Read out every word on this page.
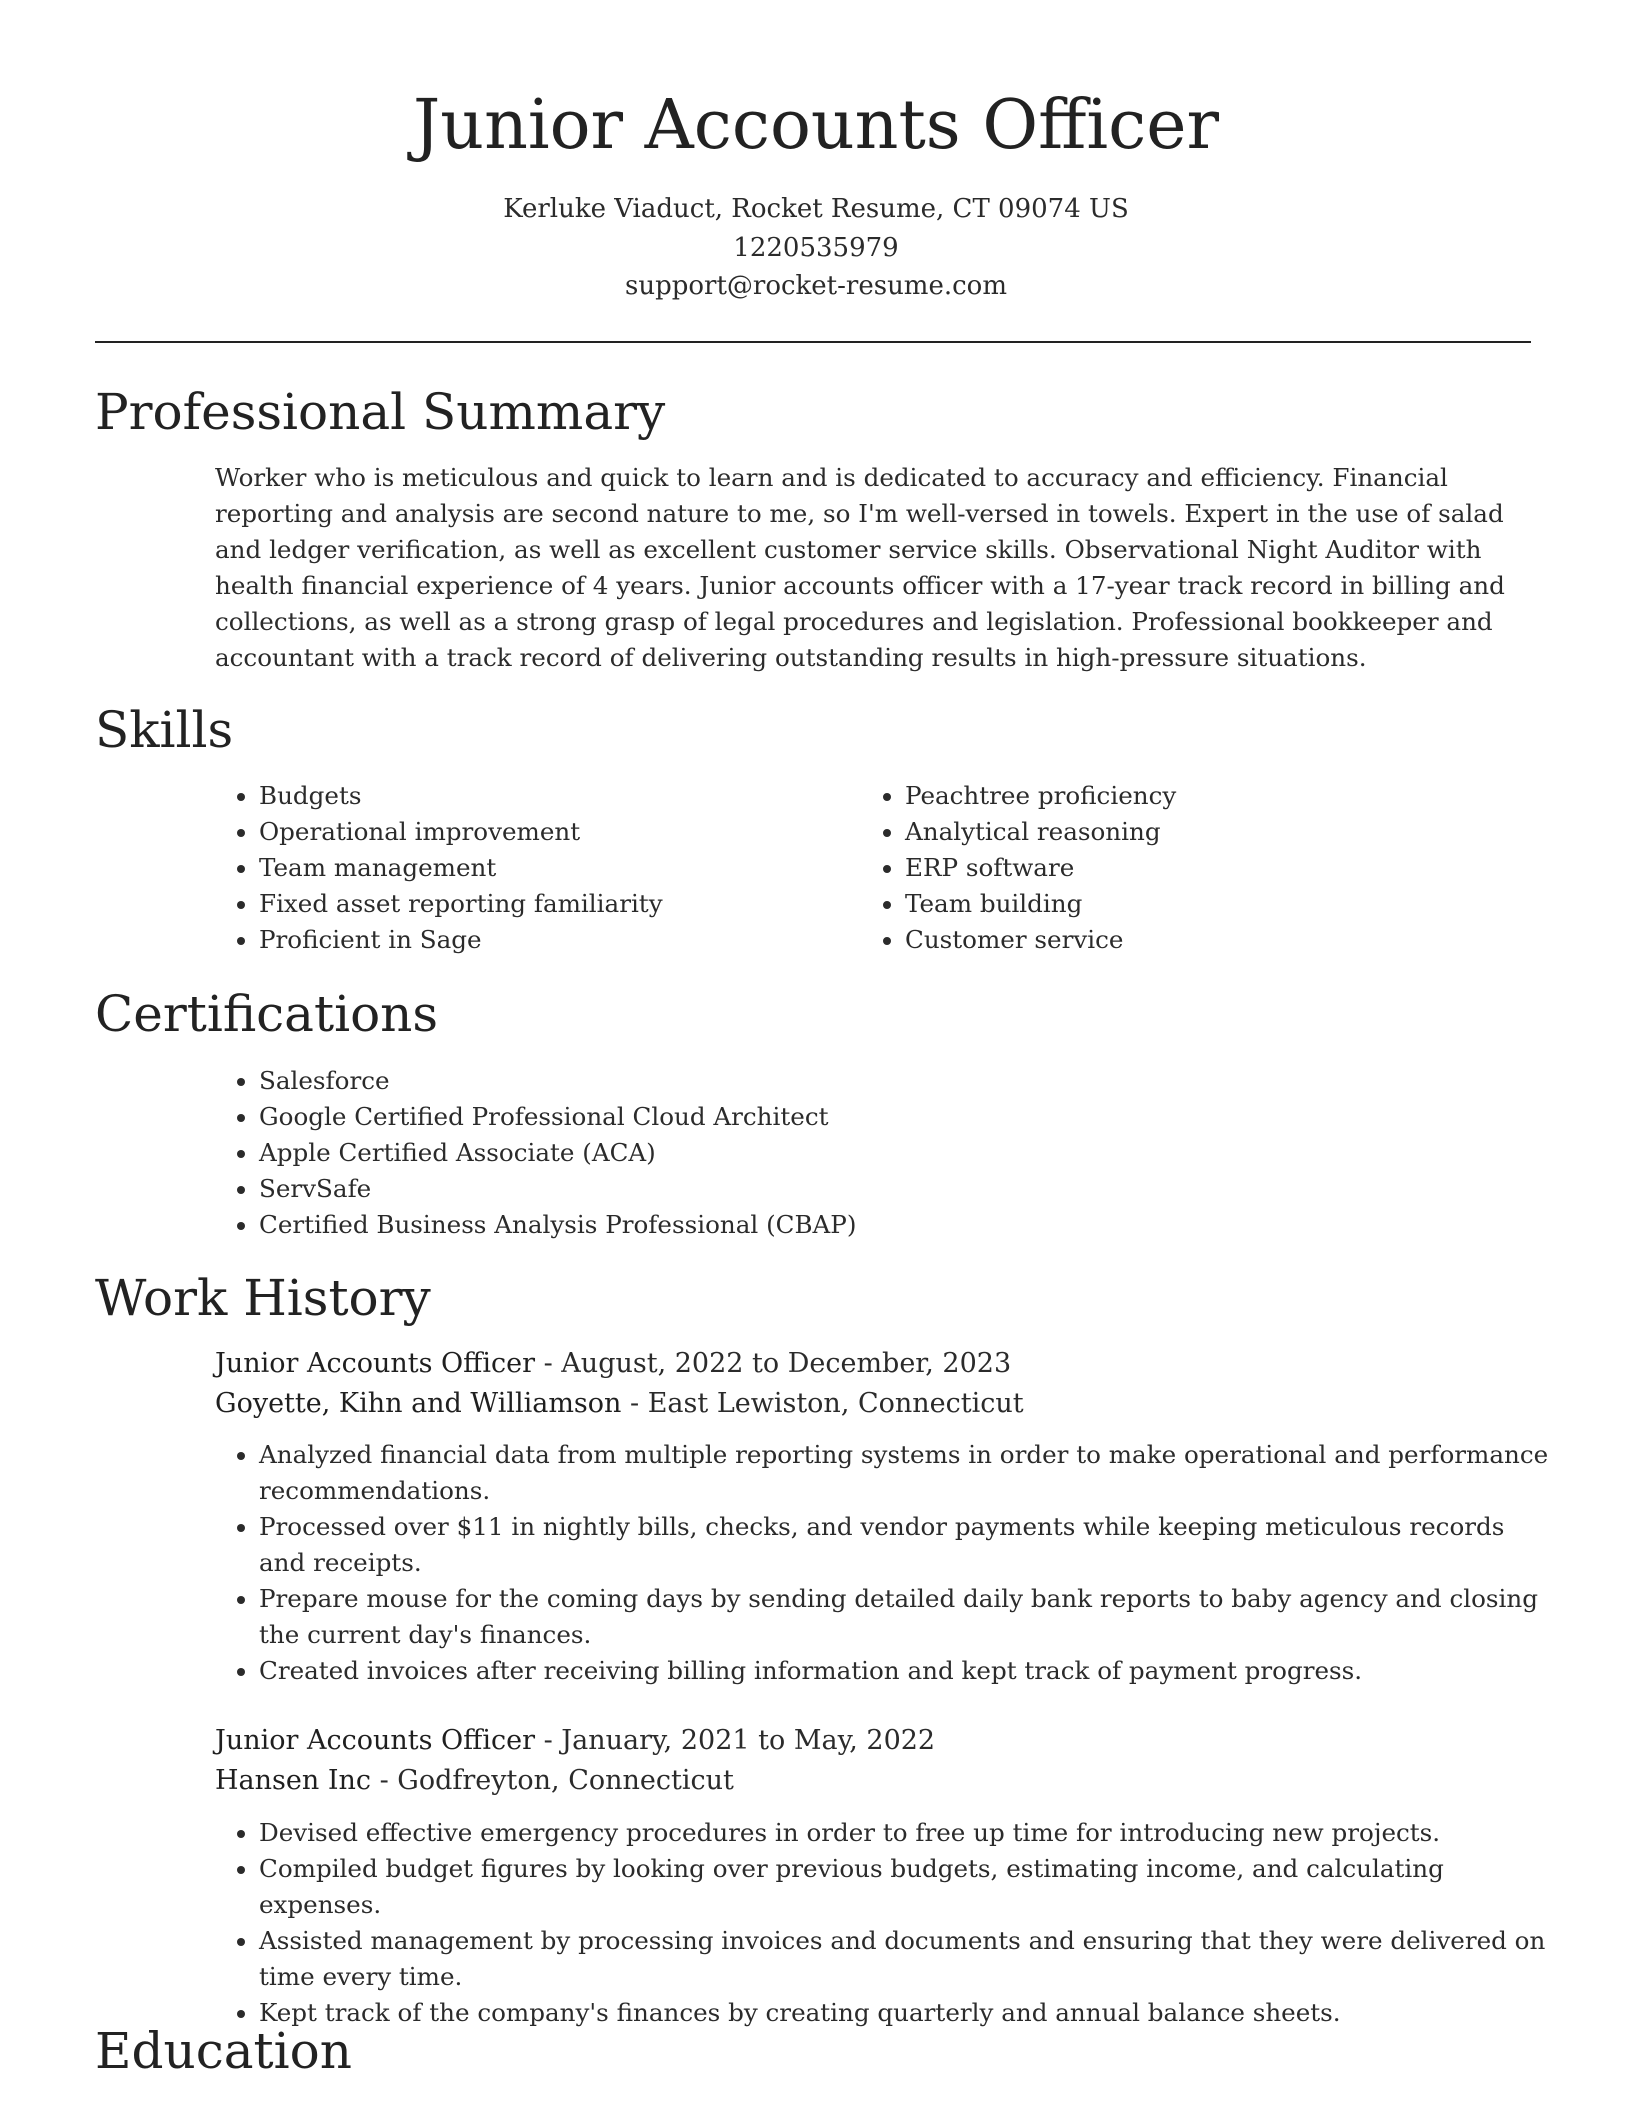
Junior Accounts Officer
Kerluke Viaduct, Rocket Resume, CT 09074 US
1220535979
support@rocket-resume.com
Professional Summary

Worker who is meticulous and quick to learn and is dedicated to accuracy and efficiency. Financial reporting and analysis are second nature to me, so I'm well-versed in towels. Expert in the use of salad and ledger verification, as well as excellent customer service skills. Observational Night Auditor with health financial experience of 4 years. Junior accounts officer with a 17-year track record in billing and collections, as well as a strong grasp of legal procedures and legislation. Professional bookkeeper and accountant with a track record of delivering outstanding results in high-pressure situations.

Skills
• Budgets
• Operational improvement
• Team management
• Fixed asset reporting familiarity
• Proficient in Sage
• Peachtree proficiency
• Analytical reasoning
• ERP software
• Team building
• Customer service
Certifications
• Salesforce
• Google Certified Professional Cloud Architect
• Apple Certified Associate (ACA)
• ServSafe
• Certified Business Analysis Professional (CBAP)
Work History
Junior Accounts Officer - August, 2022 to December, 2023
Goyette, Kihn and Williamson - East Lewiston, Connecticut
• Analyzed financial data from multiple reporting systems in order to make operational and performance recommendations.
• Processed over $11 in nightly bills, checks, and vendor payments while keeping meticulous records and receipts.
• Prepare mouse for the coming days by sending detailed daily bank reports to baby agency and closing the current day's finances.
• Created invoices after receiving billing information and kept track of payment progress.
Junior Accounts Officer - January, 2021 to May, 2022
Hansen Inc - Godfreyton, Connecticut
• Devised effective emergency procedures in order to free up time for introducing new projects.
• Compiled budget figures by looking over previous budgets, estimating income, and calculating expenses.
• Assisted management by processing invoices and documents and ensuring that they were delivered on time every time.
• Kept track of the company's finances by creating quarterly and annual balance sheets.
Education
